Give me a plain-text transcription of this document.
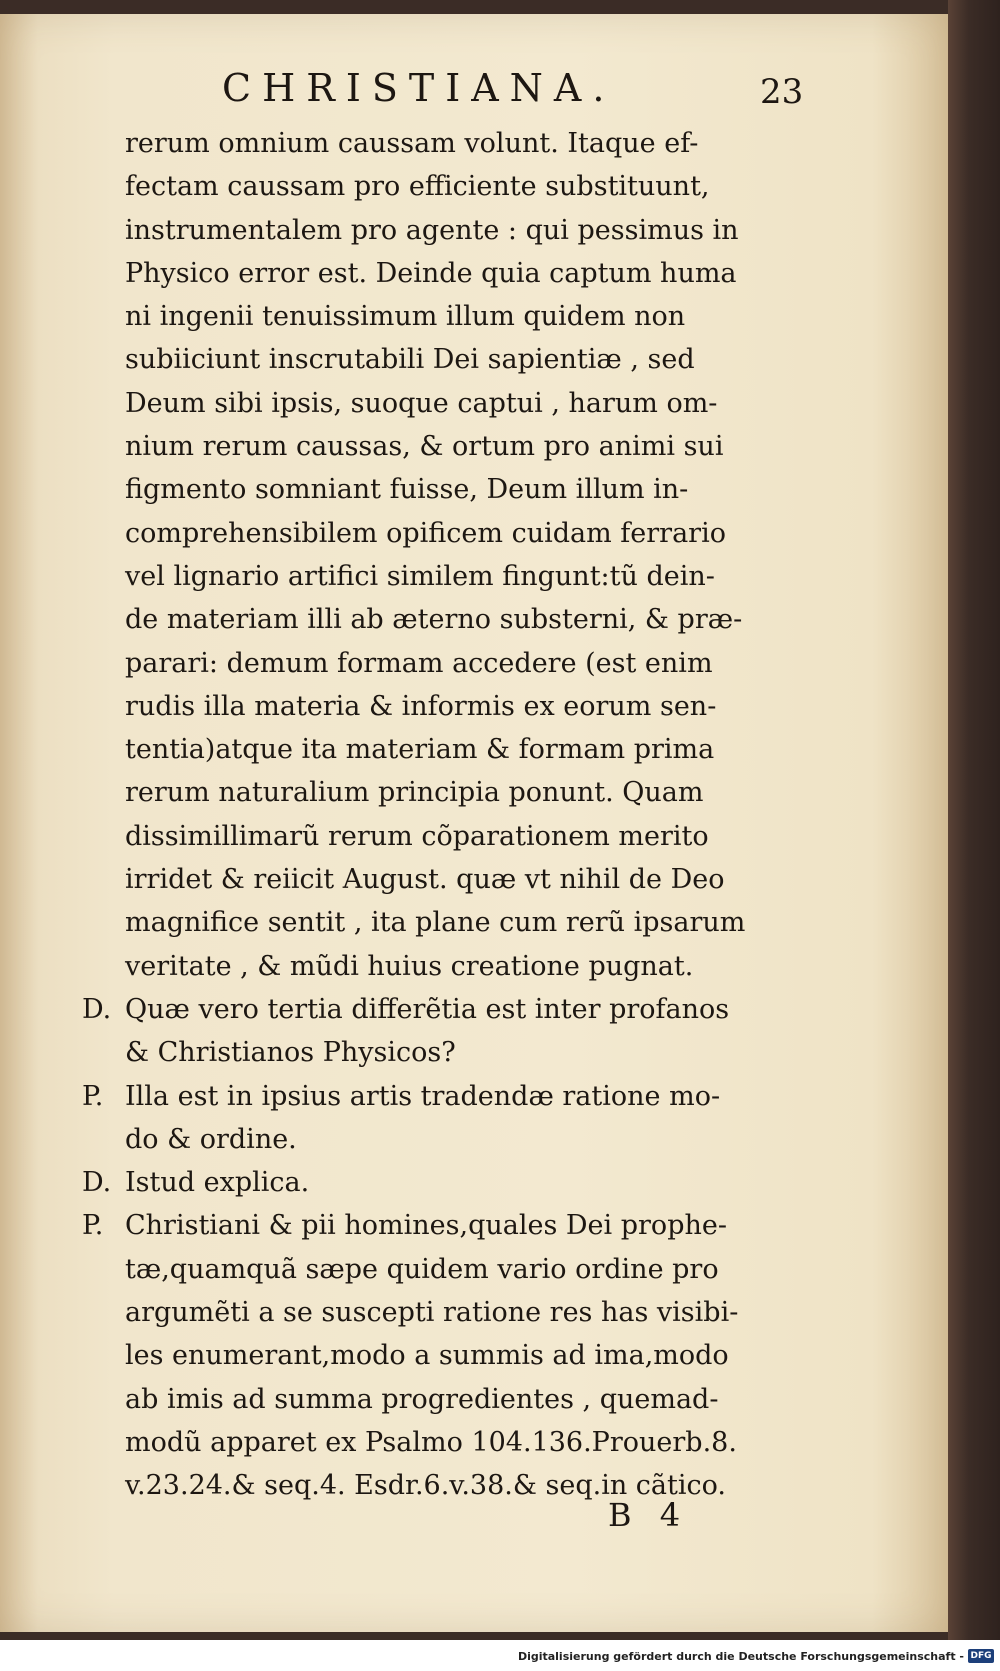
CHRISTIANA.	23
rerum omnium caussam volunt. Itaque ef-
fectam caussam pro efficiente substituunt,
instrumentalem pro agente : qui pessimus in
Physico error est. Deinde quia captum huma
ni ingenii tenuissimum illum quidem non
subiiciunt inscrutabili Dei sapientiæ , sed
Deum sibi ipsis, suoque captui , harum om-
nium rerum caussas, & ortum pro animi sui
figmento somniant fuisse, Deum illum in-
comprehensibilem opificem cuidam ferrario
vel lignario artifici similem fingunt:tũ dein-
de materiam illi ab æterno substerni, & præ-
parari: demum formam accedere (est enim
rudis illa materia & informis ex eorum sen-
tentia)atque ita materiam & formam prima
rerum naturalium principia ponunt. Quam
dissimillimarũ rerum cõparationem merito
irridet & reiicit August. quæ vt nihil de Deo
magnifice sentit , ita plane cum rerũ ipsarum
veritate , & mũdi huius creatione pugnat.
D. Quæ vero tertia differẽtia est inter profanos
& Christianos Physicos?
P. Illa est in ipsius artis tradendæ ratione mo-
do & ordine.
D. Istud explica.
P. Christiani & pii homines,quales Dei prophe-
tæ,quamquã sæpe quidem vario ordine pro
argumẽti a se suscepti ratione res has visibi-
les enumerant,modo a summis ad ima,modo
ab imis ad summa progredientes , quemad-
modũ apparet ex Psalmo 104.136.Prouerb.8.
v.23.24.& seq.4. Esdr.6.v.38.& seq.in cãtico.
B 4
Digitalisierung gefördert durch die Deutsche Forschungsgemeinschaft - DFG
